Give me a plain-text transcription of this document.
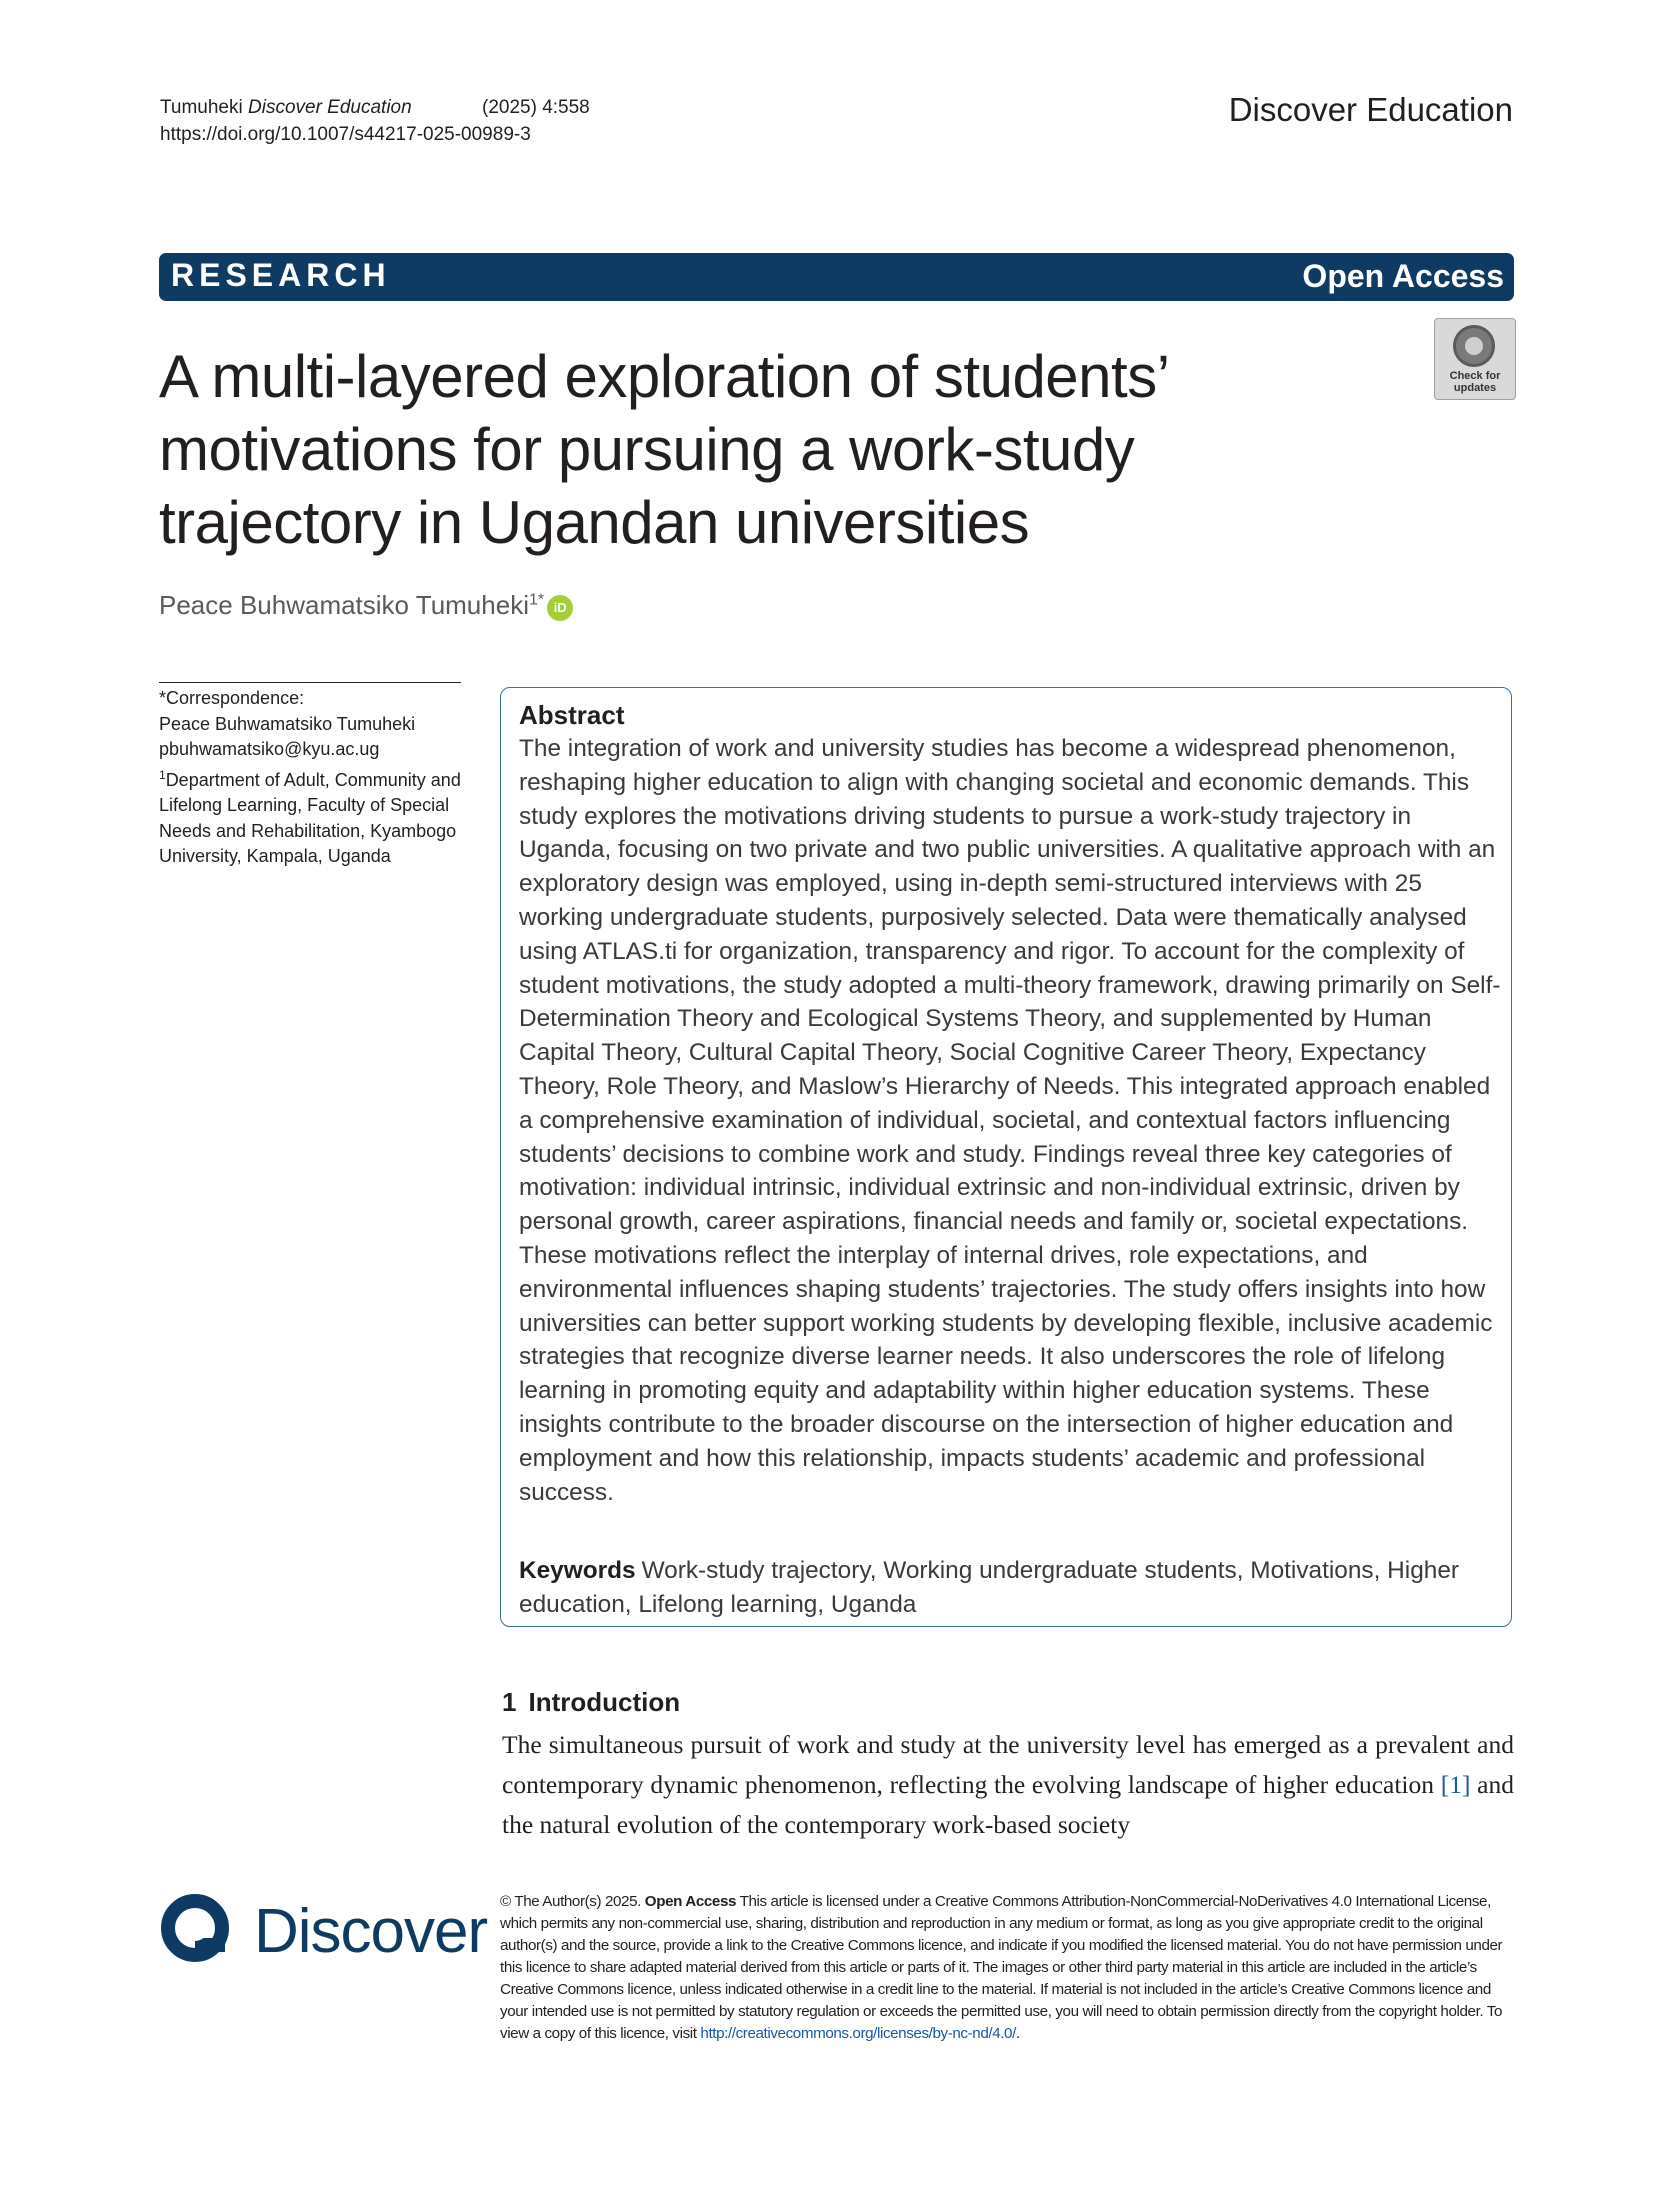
Tumuheki
Discover Education	(2025) 4:558
https://doi.org/10.1007/s44217-025-00989-3
Discover Education
RESEARCH	Open Access
Check for
updates
A multi-layered exploration of students’ motivations for pursuing a work-study trajectory in Ugandan universities
Peace Buhwamatsiko Tumuheki$^{1*}$ iD
*Correspondence:
Peace Buhwamatsiko Tumuheki
pbuhwamatsiko@kyu.ac.ug
$^1$Department of Adult, Community and Lifelong Learning, Faculty of Special Needs and Rehabilitation, Kyambogo University, Kampala, Uganda
Abstract
The integration of work and university studies has become a widespread phenomenon, reshaping higher education to align with changing societal and economic demands. This study explores the motivations driving students to pursue a work-study trajectory in Uganda, focusing on two private and two public universities. A qualitative approach with an exploratory design was employed, using in-depth semi-structured interviews with 25 working undergraduate students, purposively selected. Data were thematically analysed using ATLAS.ti for organization, transparency and rigor. To account for the complexity of student motivations, the study adopted a multi-theory framework, drawing primarily on Self-Determination Theory and Ecological Systems Theory, and supplemented by Human Capital Theory, Cultural Capital Theory, Social Cognitive Career Theory, Expectancy Theory, Role Theory, and Maslow’s Hierarchy of Needs. This integrated approach enabled a comprehensive examination of individual, societal, and contextual factors influencing students’ decisions to combine work and study. Findings reveal three key categories of motivation: individual intrinsic, individual extrinsic and non-individual extrinsic, driven by personal growth, career aspirations, financial needs and family or, societal expectations. These motivations reflect the interplay of internal drives, role expectations, and environmental influences shaping students’ trajectories. The study offers insights into how universities can better support working students by developing flexible, inclusive academic strategies that recognize diverse learner needs. It also underscores the role of lifelong learning in promoting equity and adaptability within higher education systems. These insights contribute to the broader discourse on the intersection of higher education and employment and how this relationship, impacts students’ academic and professional success.
Keywords Work-study trajectory, Working undergraduate students, Motivations, Higher education, Lifelong learning, Uganda
1 Introduction
The simultaneous pursuit of work and study at the university level has emerged as a prevalent and contemporary dynamic phenomenon, reflecting the evolving landscape of higher education [1] and the natural evolution of the contemporary work-based society
Discover © The Author(s) 2025. Open Access This article is licensed under a Creative Commons Attribution-NonCommercial-NoDerivatives 4.0 International License, which permits any non-commercial use, sharing, distribution and reproduction in any medium or format, as long as you give appropriate credit to the original author(s) and the source, provide a link to the Creative Commons licence, and indicate if you modified the licensed material. You do not have permission under this licence to share adapted material derived from this article or parts of it. The images or other third party material in this article are included in the article’s Creative Commons licence, unless indicated otherwise in a credit line to the material. If material is not included in the article’s Creative Commons licence and your intended use is not permitted by statutory regulation or exceeds the permitted use, you will need to obtain permission directly from the copyright holder. To view a copy of this licence, visit http://creativecommons.org/licenses/by-nc-nd/4.0/.
